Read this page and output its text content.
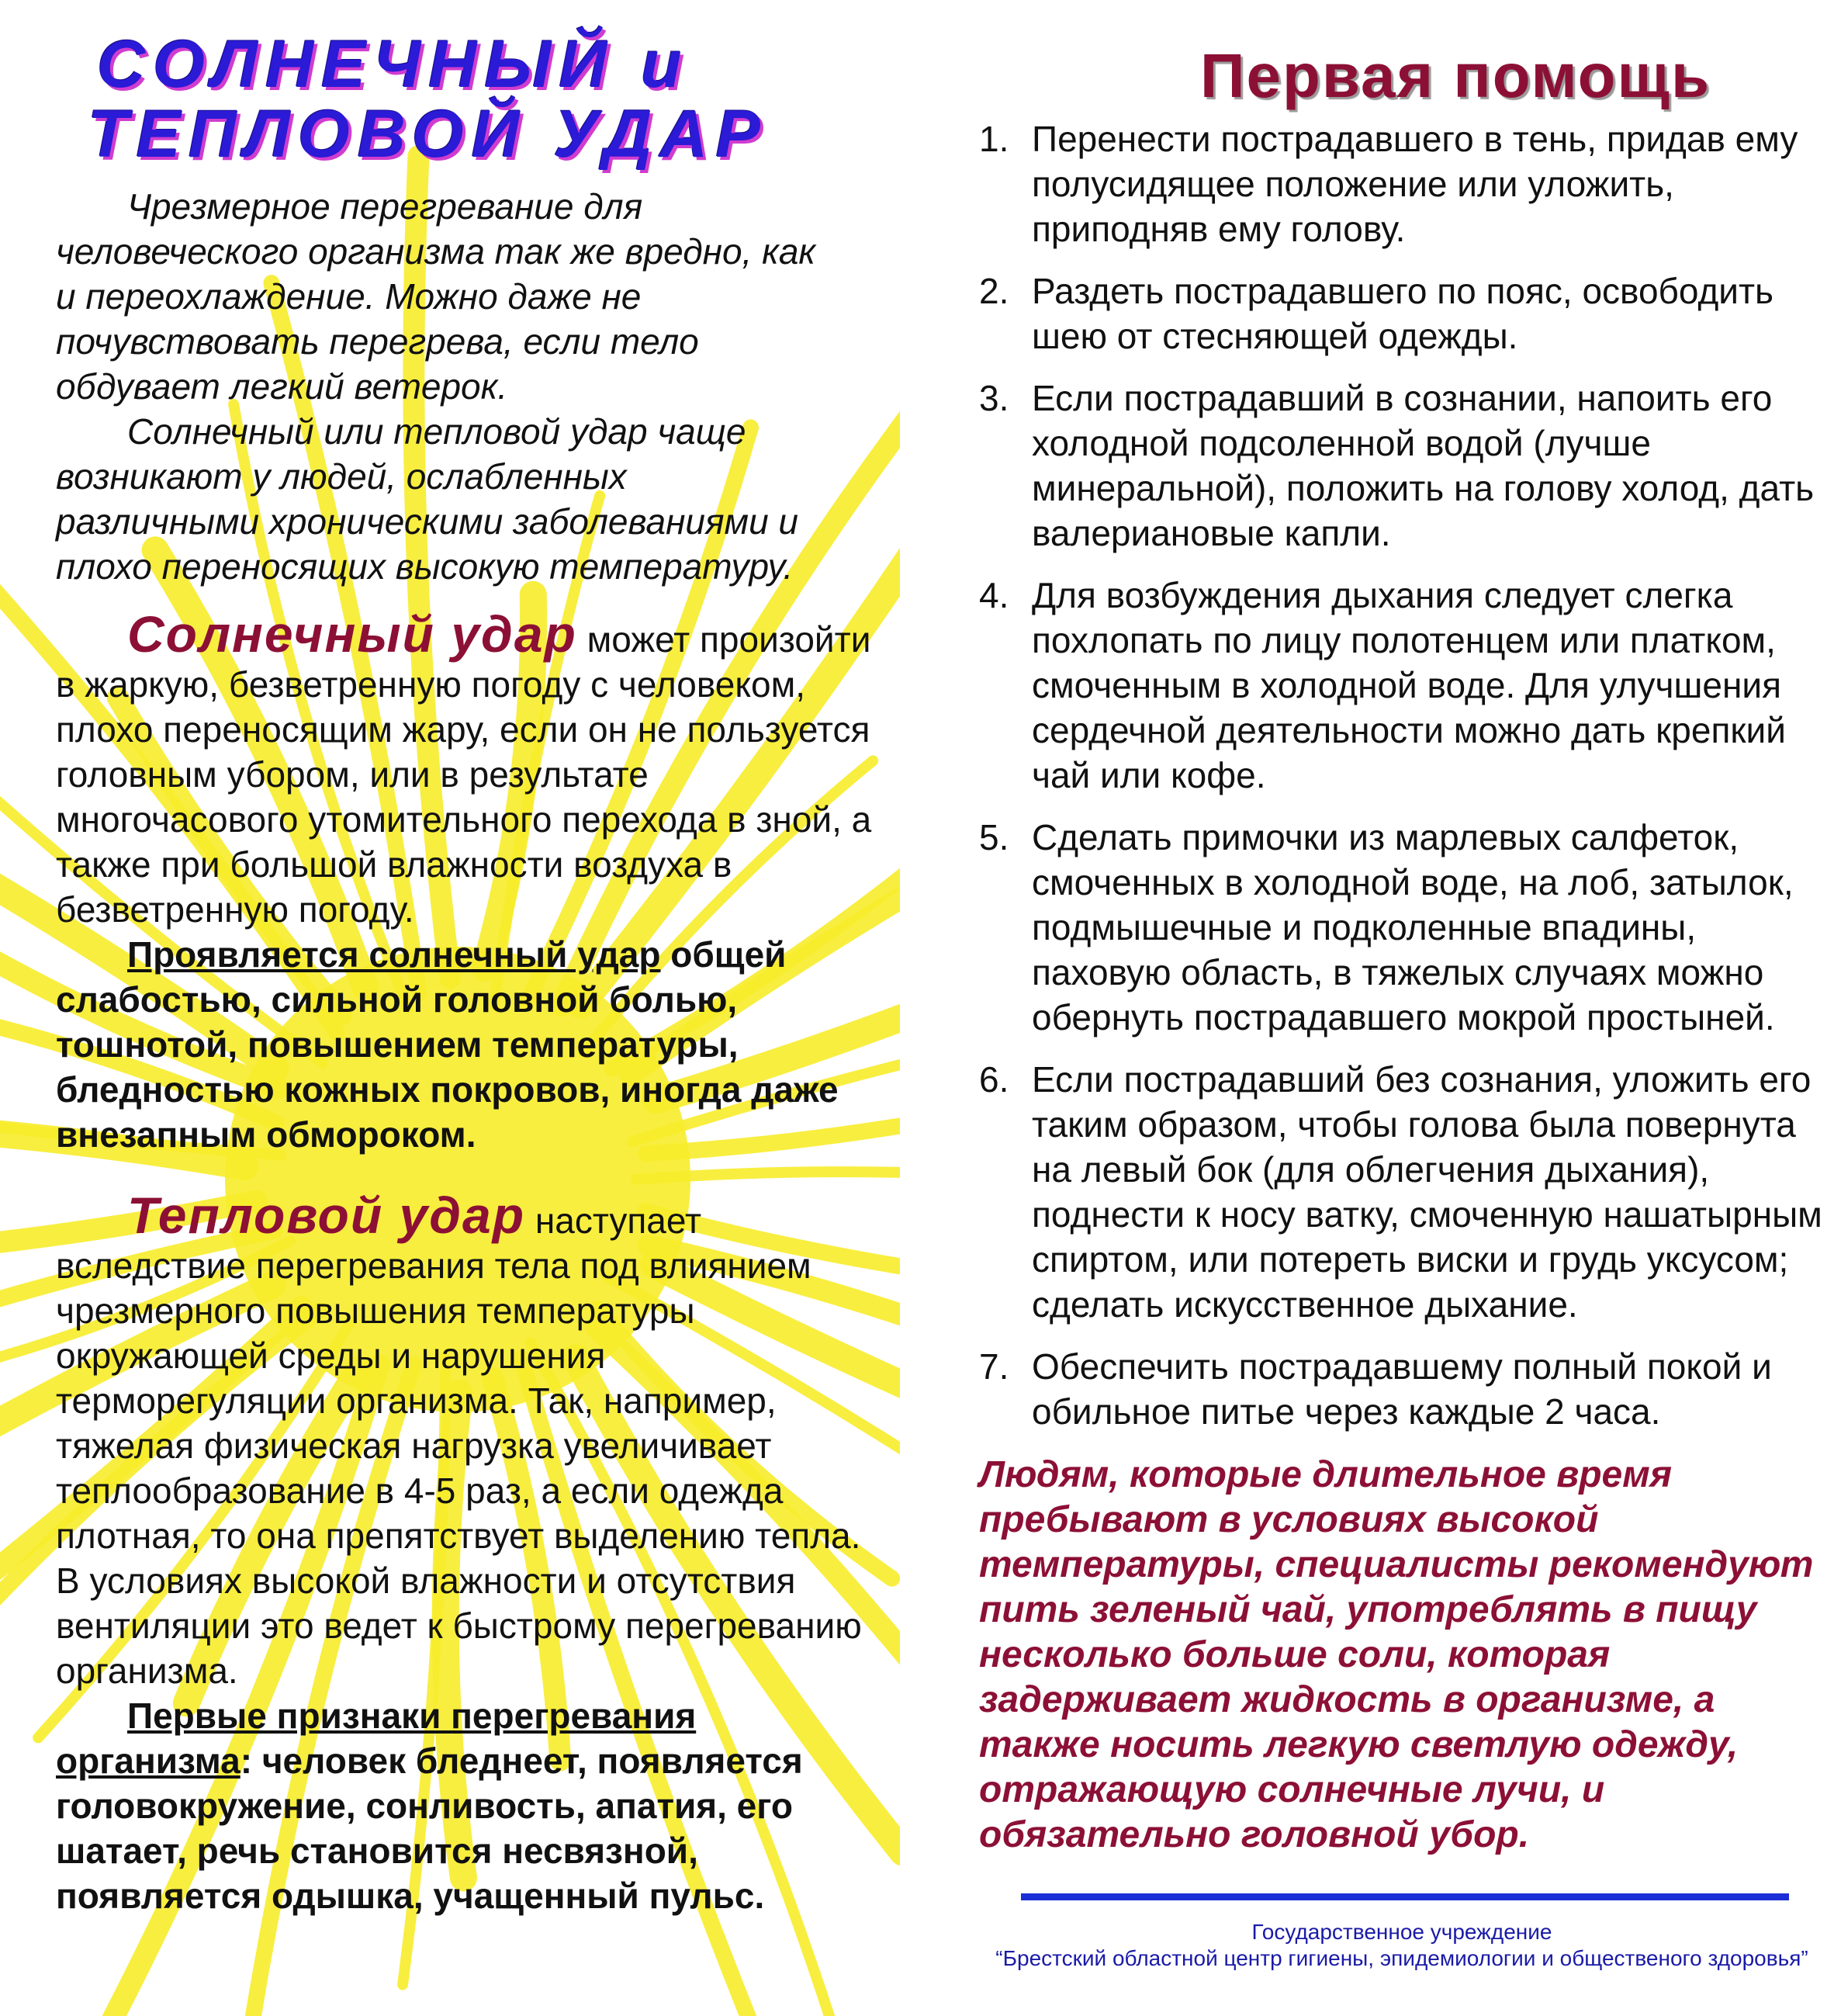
СОЛНЕЧНЫЙ и
ТЕПЛОВОЙ УДАР

Чрезмерное перегревание для человеческого организма так же вредно, как и переохлаждение. Можно даже не почувствовать перегрева, если тело обдувает легкий ветерок.

Солнечный или тепловой удар чаще возникают у людей, ослабленных различными хроническими заболеваниями и плохо переносящих высокую температуру.

Солнечный удар может произойти в жаркую, безветренную погоду с человеком, плохо переносящим жару, если он не пользуется головным убором, или в результате многочасового утомительного перехода в зной, а также при большой влажности воздуха в безветренную погоду.

Проявляется солнечный удар общей слабостью, сильной головной болью, тошнотой, повышением температуры, бледностью кожных покровов, иногда даже внезапным обмороком.

Тепловой удар наступает вследствие перегревания тела под влиянием чрезмерного повышения температуры окружающей среды и нарушения терморегуляции организма. Так, например, тяжелая физическая нагрузка увеличивает теплообразование в 4-5 раз, а если одежда плотная, то она препятствует выделению тепла. В условиях высокой влажности и отсутствия вентиляции это ведет к быстрому перегреванию организма.

Первые признаки перегревания организма: человек бледнеет, появляется головокружение, сонливость, апатия, его шатает, речь становится несвязной, появляется одышка, учащенный пульс.

Первая помощь
1. Перенести пострадавшего в тень, придав ему полусидящее положение или уложить, приподняв ему голову.
2. Раздеть пострадавшего по пояс, освободить шею от стесняющей одежды.
3. Если пострадавший в сознании, напоить его холодной подсоленной водой (лучше минеральной), положить на голову холод, дать валериановые капли.
4. Для возбуждения дыхания следует слегка похлопать по лицу полотенцем или платком, смоченным в холодной воде. Для улучшения сердечной деятельности можно дать крепкий чай или кофе.
5. Сделать примочки из марлевых салфеток, смоченных в холодной воде, на лоб, затылок, подмышечные и подколенные впадины, паховую область, в тяжелых случаях можно обернуть пострадавшего мокрой простыней.
6. Если пострадавший без сознания, уложить его таким образом, чтобы голова была повернута на левый бок (для облегчения дыхания), поднести к носу ватку, смоченную нашатырным спиртом, или потереть виски и грудь уксусом; сделать искусственное дыхание.
7. Обеспечить пострадавшему полный покой и обильное питье через каждые 2 часа.

Людям, которые длительное время пребывают в условиях высокой температуры, специалисты рекомендуют пить зеленый чай, употреблять в пищу несколько больше соли, которая задерживает жидкость в организме, а также носить легкую светлую одежду, отражающую солнечные лучи, и обязательно головной убор.

Государственное учреждение
“Брестский областной центр гигиены, эпидемиологии и общественого здоровья”
